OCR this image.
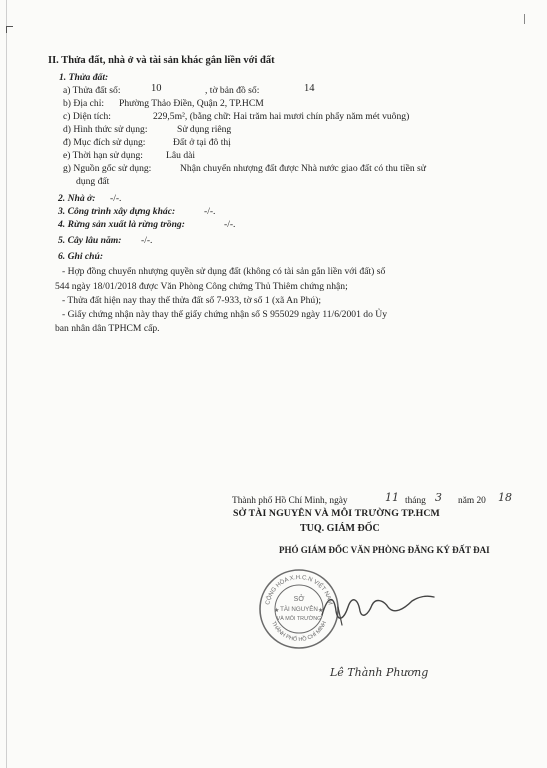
II. Thửa đất, nhà ở và tài sản khác gắn liền với đất
1. Thửa đất:
a) Thửa đất số:	10	, tờ bản đồ số:	14
b) Địa chỉ: Phường Thảo Điền, Quận 2, TP.HCM
c) Diện tích:	229,5m², (bằng chữ: Hai trăm hai mươi chín phẩy năm mét vuông)
d) Hình thức sử dụng:	Sử dụng riêng
đ) Mục đích sử dụng:	Đất ở tại đô thị
e) Thời hạn sử dụng: Lâu dài
g) Nguồn gốc sử dụng:	Nhận chuyển nhượng đất được Nhà nước giao đất có thu tiền sử
dụng đất
2. Nhà ở: -/-.
3. Công trình xây dựng khác:	-/-.
4. Rừng sản xuất là rừng trồng:	-/-.
5. Cây lâu năm: -/-.
6. Ghi chú:
- Hợp đồng chuyển nhượng quyền sử dụng đất (không có tài sản gắn liền với đất) số
544 ngày 18/01/2018 được Văn Phòng Công chứng Thủ Thiêm chứng nhận;
- Thửa đất hiện nay thay thế thửa đất số 7-933, tờ số 1 (xã An Phú);
- Giấy chứng nhận này thay thế giấy chứng nhận số S 955029 ngày 11/6/2001 do Ủy
ban nhân dân TPHCM cấp.
Thành phố Hồ Chí Minh, ngày	11 tháng 3 năm 20 18
SỞ TÀI NGUYÊN VÀ MÔI TRƯỜNG TP.HCM
TUQ. GIÁM ĐỐC
PHÓ GIÁM ĐỐC VĂN PHÒNG ĐĂNG KÝ ĐẤT ĐAI
CỘNG HÒA X.H.C.N VIỆT NAM
THÀNH PHỐ HỒ CHÍ MINH
SỞ
TÀI NGUYÊN
VÀ MÔI TRƯỜNG
★	★
Lê Thành Phương
